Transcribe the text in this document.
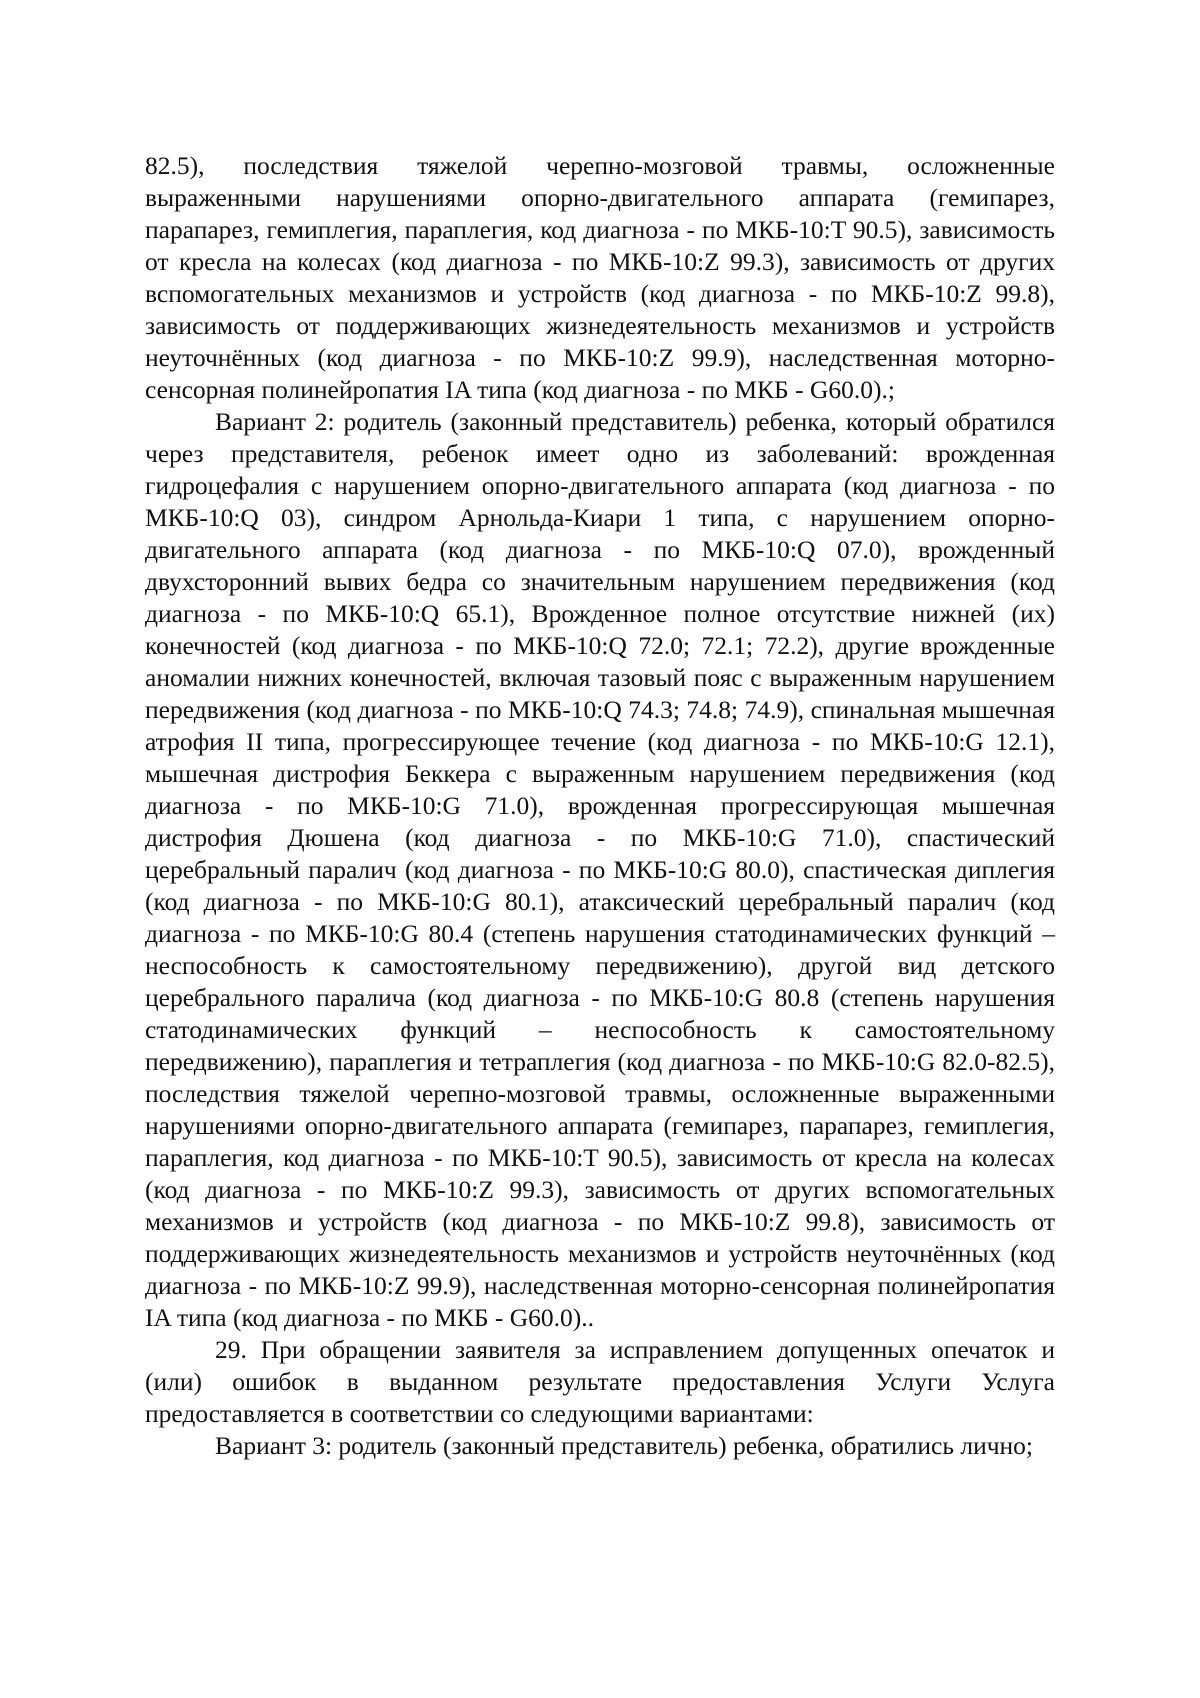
82.5), последствия тяжелой черепно-мозговой травмы, осложненные выраженными нарушениями опорно-двигательного аппарата (гемипарез, парапарез, гемиплегия, параплегия, код диагноза - по МКБ-10:T 90.5), зависимость от кресла на колесах (код диагноза - по МКБ-10:Z 99.3), зависимость от других вспомогательных механизмов и устройств (код диагноза - по МКБ-10:Z 99.8), зависимость от поддерживающих жизнедеятельность механизмов и устройств неуточнённых (код диагноза - по МКБ-10:Z 99.9), наследственная моторно-сенсорная полинейропатия IA типа (код диагноза - по МКБ - G60.0).;

Вариант 2: родитель (законный представитель) ребенка, который обратился через представителя, ребенок имеет одно из заболеваний: врожденная гидроцефалия с нарушением опорно-двигательного аппарата (код диагноза - по МКБ-10:Q 03), синдром Арнольда-Киари 1 типа, с нарушением опорно-двигательного аппарата (код диагноза - по МКБ-10:Q 07.0), врожденный двухсторонний вывих бедра со значительным нарушением передвижения (код диагноза - по МКБ-10:Q 65.1), Врожденное полное отсутствие нижней (их) конечностей (код диагноза - по МКБ-10:Q 72.0; 72.1; 72.2), другие врожденные аномалии нижних конечностей, включая тазовый пояс с выраженным нарушением передвижения (код диагноза - по МКБ-10:Q 74.3; 74.8; 74.9), спинальная мышечная атрофия II типа, прогрессирующее течение (код диагноза - по МКБ-10:G 12.1), мышечная дистрофия Беккера с выраженным нарушением передвижения (код диагноза - по МКБ-10:G 71.0), врожденная прогрессирующая мышечная дистрофия Дюшена (код диагноза - по МКБ-10:G 71.0), спастический церебральный паралич (код диагноза - по МКБ-10:G 80.0), спастическая диплегия (код диагноза - по МКБ-10:G 80.1), атаксический церебральный паралич (код диагноза - по МКБ-10:G 80.4 (степень нарушения статодинамических функций – неспособность к самостоятельному передвижению), другой вид детского церебрального паралича (код диагноза - по МКБ-10:G 80.8 (степень нарушения статодинамических функций – неспособность к самостоятельному передвижению), параплегия и тетраплегия (код диагноза - по МКБ-10:G 82.0-82.5), последствия тяжелой черепно-мозговой травмы, осложненные выраженными нарушениями опорно-двигательного аппарата (гемипарез, парапарез, гемиплегия, параплегия, код диагноза - по МКБ-10:T 90.5), зависимость от кресла на колесах (код диагноза - по МКБ-10:Z 99.3), зависимость от других вспомогательных механизмов и устройств (код диагноза - по МКБ-10:Z 99.8), зависимость от поддерживающих жизнедеятельность механизмов и устройств неуточнённых (код диагноза - по МКБ-10:Z 99.9), наследственная моторно-сенсорная полинейропатия IA типа (код диагноза - по МКБ - G60.0)..

29. При обращении заявителя за исправлением допущенных опечаток и (или) ошибок в выданном результате предоставления Услуги Услуга предоставляется в соответствии со следующими вариантами:

Вариант 3: родитель (законный представитель) ребенка, обратились лично;
